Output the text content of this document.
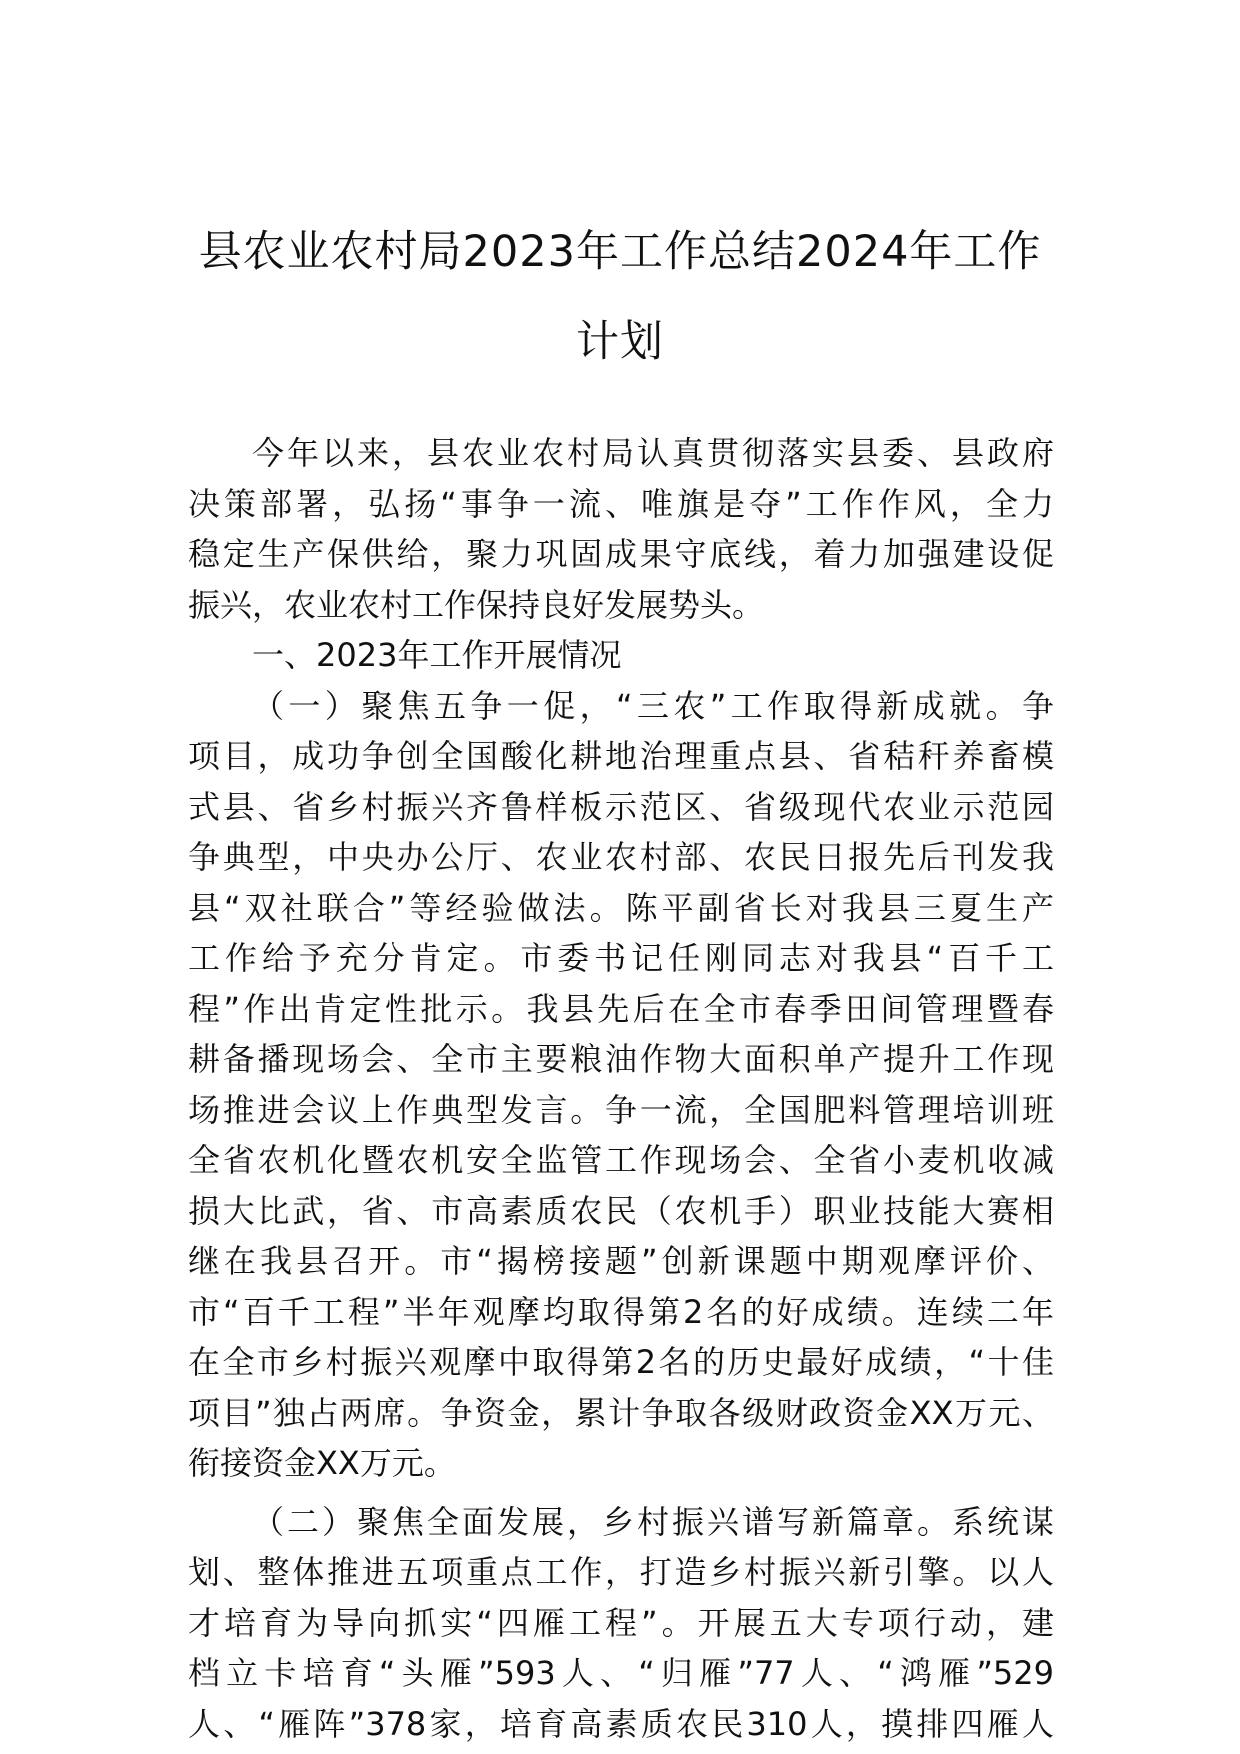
县农业农村局2023年工作总结2024年工作
计划
今年以来，县农业农村局认真贯彻落实县委、县政府
决策部署，弘扬“事争一流、唯旗是夺”工作作风，全力
稳定生产保供给，聚力巩固成果守底线，着力加强建设促
振兴，农业农村工作保持良好发展势头。
一、2023年工作开展情况
（一）聚焦五争一促，“三农”工作取得新成就。争
项目，成功争创全国酸化耕地治理重点县、省秸秆养畜模
式县、省乡村振兴齐鲁样板示范区、省级现代农业示范园
争典型，中央办公厅、农业农村部、农民日报先后刊发我
县“双社联合”等经验做法。陈平副省长对我县三夏生产
工作给予充分肯定。市委书记任刚同志对我县“百千工
程”作出肯定性批示。我县先后在全市春季田间管理暨春
耕备播现场会、全市主要粮油作物大面积单产提升工作现
场推进会议上作典型发言。争一流，全国肥料管理培训班
全省农机化暨农机安全监管工作现场会、全省小麦机收减
损大比武，省、市高素质农民（农机手）职业技能大赛相
继在我县召开。市“揭榜接题”创新课题中期观摩评价、
市“百千工程”半年观摩均取得第2名的好成绩。连续二年
在全市乡村振兴观摩中取得第2名的历史最好成绩，“十佳
项目”独占两席。争资金，累计争取各级财政资金XX万元、
衔接资金XX万元。
（二）聚焦全面发展，乡村振兴谱写新篇章。系统谋
划、整体推进五项重点工作，打造乡村振兴新引擎。以人
才培育为导向抓实“四雁工程”。开展五大专项行动，建
档立卡培育“头雁”593人、“归雁”77人、“鸿雁”529
人、“雁阵”378家，培育高素质农民310人，摸排四雁人
